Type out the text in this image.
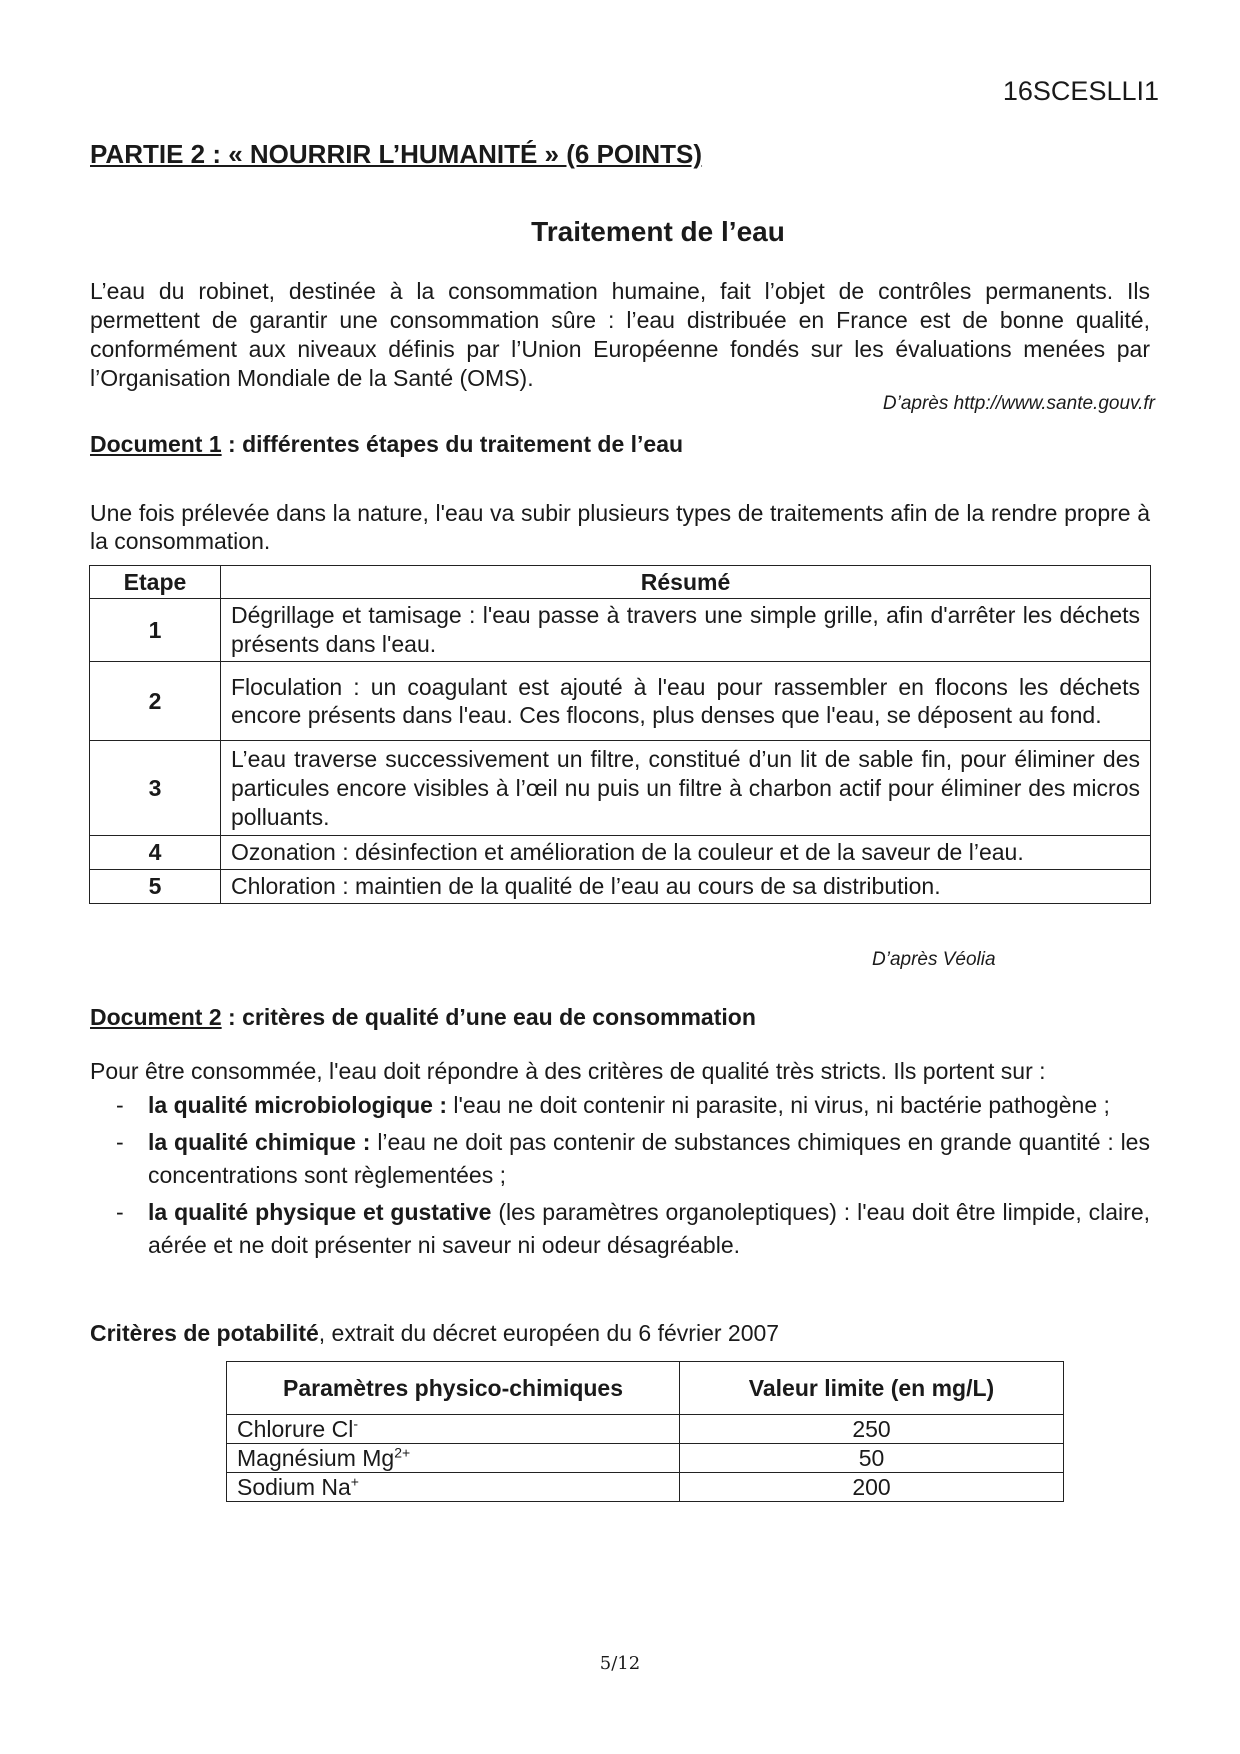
16SCESLLI1
PARTIE 2 : « NOURRIR L’HUMANITÉ » (6 POINTS)
Traitement de l’eau
L’eau du robinet, destinée à la consommation humaine, fait l’objet de contrôles permanents. Ils permettent de garantir une consommation sûre : l’eau distribuée en France est de bonne qualité, conformément aux niveaux définis par l’Union Européenne fondés sur les évaluations menées par l’Organisation Mondiale de la Santé (OMS).
D’après http://www.sante.gouv.fr
Document 1 : différentes étapes du traitement de l’eau
Une fois prélevée dans la nature, l'eau va subir plusieurs types de traitements afin de la rendre propre à la consommation.
Etape	Résumé
1	Dégrillage et tamisage : l'eau passe à travers une simple grille, afin d'arrêter les déchets présents dans l'eau.
2	Floculation : un coagulant est ajouté à l'eau pour rassembler en flocons les déchets encore présents dans l'eau. Ces flocons, plus denses que l'eau, se déposent au fond.
3	L’eau traverse successivement un filtre, constitué d’un lit de sable fin, pour éliminer des particules encore visibles à l’œil nu puis un filtre à charbon actif pour éliminer des micros polluants.
4	Ozonation : désinfection et amélioration de la couleur et de la saveur de l’eau.
5	Chloration : maintien de la qualité de l’eau au cours de sa distribution.
D’après Véolia
Document 2 : critères de qualité d’une eau de consommation
Pour être consommée, l'eau doit répondre à des critères de qualité très stricts. Ils portent sur :
- la qualité microbiologique : l'eau ne doit contenir ni parasite, ni virus, ni bactérie pathogène ;
- la qualité chimique : l’eau ne doit pas contenir de substances chimiques en grande quantité : les concentrations sont règlementées ;
- la qualité physique et gustative (les paramètres organoleptiques) : l'eau doit être limpide, claire, aérée et ne doit présenter ni saveur ni odeur désagréable.
Critères de potabilité, extrait du décret européen du 6 février 2007
Paramètres physico-chimiques	Valeur limite (en mg/L)
Chlorure Cl-	250
Magnésium $Mg^{2+}$	50
Sodium Na+	200
5/12
